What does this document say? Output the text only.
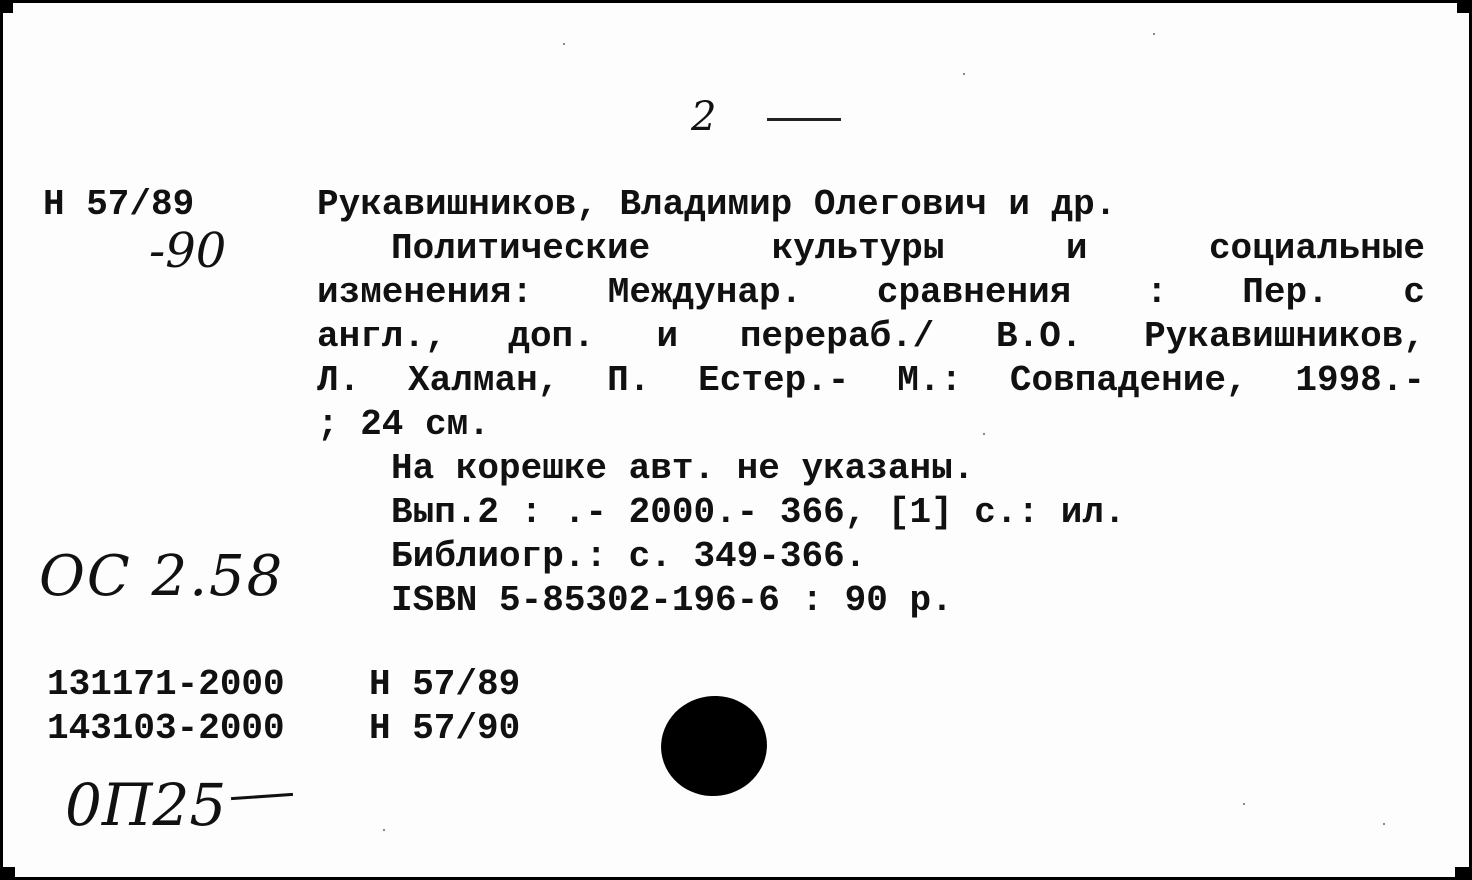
2
Н 57/89
-90
Рукавишников, Владимир Олегович и др.
Политические культуры и социальные
изменения: Междунар. сравнения : Пер. с
англ., доп. и перераб./ В.О. Рукавишников,
Л. Халман, П. Естер.- М.: Совпадение, 1998.-
; 24 см.
На корешке авт. не указаны.
Вып.2 : .- 2000.- 366, [1] с.: ил.
Библиогр.: с. 349-366.
ISBN 5-85302-196-6 : 90 р.
ОС 2.58
131171-2000 Н 57/89
143103-2000 Н 57/90
0П25
